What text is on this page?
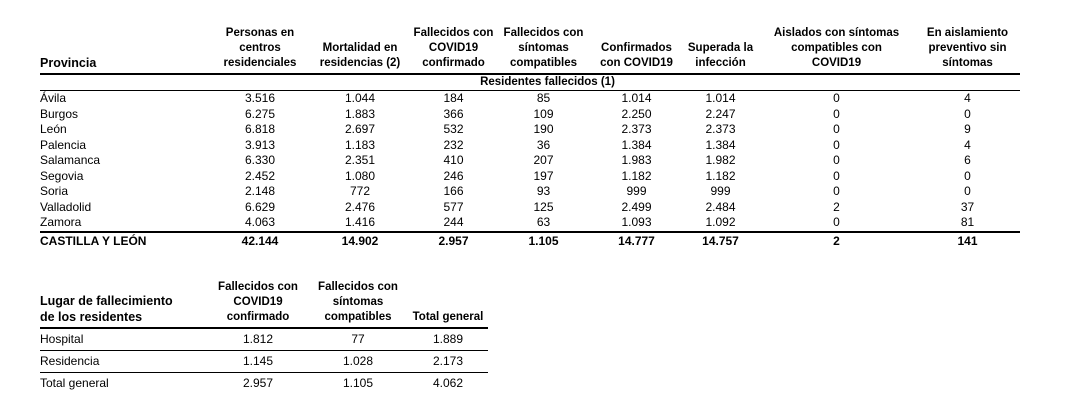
Provincia	Personas en centros residenciales	Mortalidad en residencias (2)	Fallecidos con COVID19 confirmado	Fallecidos con síntomas compatibles	Confirmados con COVID19	Superada la infección	Aislados con síntomas compatibles con COVID19	En aislamiento preventivo sin síntomas
Residentes fallecidos (1)								
Ávila	3.516	1.044	184	85	1.014	1.014	0	4
Burgos	6.275	1.883	366	109	2.250	2.247	0	0
León	6.818	2.697	532	190	2.373	2.373	0	9
Palencia	3.913	1.183	232	36	1.384	1.384	0	4
Salamanca	6.330	2.351	410	207	1.983	1.982	0	6
Segovia	2.452	1.080	246	197	1.182	1.182	0	0
Soria	2.148	772	166	93	999	999	0	0
Valladolid	6.629	2.476	577	125	2.499	2.484	2	37
Zamora	4.063	1.416	244	63	1.093	1.092	0	81
CASTILLA Y LEÓN	42.144	14.902	2.957	1.105	14.777	14.757	2	141
Lugar de fallecimiento de los residentes	Fallecidos con COVID19 confirmado	Fallecidos con síntomas compatibles	Total general
Hospital	1.812	77	1.889
Residencia	1.145	1.028	2.173
Total general	2.957	1.105	4.062
